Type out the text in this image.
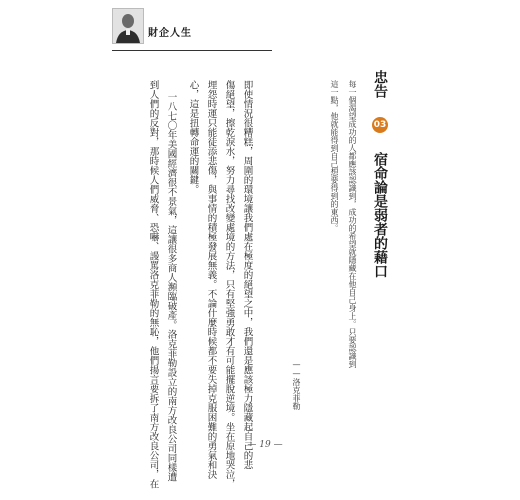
財企人生
忠告 03 宿命論是弱者的藉口
每一個渴望成功的人都應該認識到，成功的希望就隱藏在他自己身上。只要認識到
這一點，他就能得到自己想要得到的東西。
——洛克菲勒
即使情況很糟糕，周圍的環境讓我們處在極度的絕望之中，我們還是應該極力隱藏起自己的悲
傷絕望，擦乾淚水，努力尋找改變處境的方法，只有堅強勇敢才有可能擺脫逆境。坐在原地哭泣，
埋怨時運只能徒添悲傷，與事情的積極發展無義。不論什麼時候都不要失掉克服困難的勇氣和決
心，這是扭轉命運的關鍵。
一八七〇年美國經濟很不景氣，這讓很多商人瀕臨破產。洛克菲勒設立的南方改良公司同樣遭
到人們的反對，那時候人們威脅、恐嚇、謾罵洛克菲勒的無恥，他們揚言要拆了南方改良公司，在	— 19 —
